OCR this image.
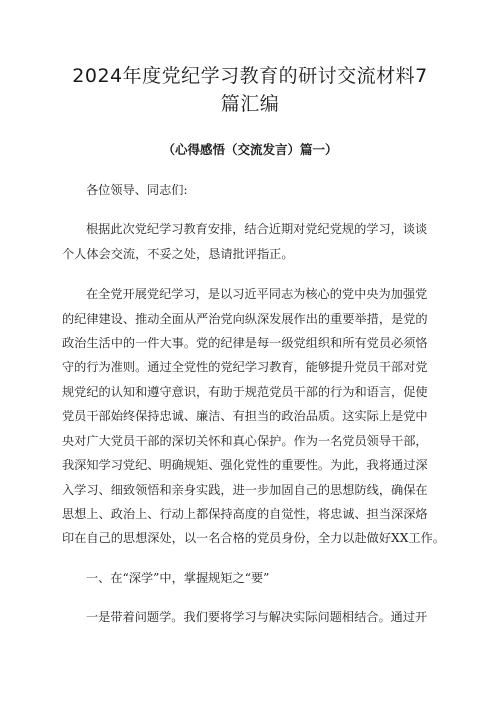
2024年度党纪学习教育的研讨交流材料7
篇汇编
（心得感悟（交流发言）篇一）
各位领导、同志们:
根据此次党纪学习教育安排，结合近期对党纪党规的学习，谈谈
个人体会交流，不妥之处，恳请批评指正。
在全党开展党纪学习，是以习近平同志为核心的党中央为加强党
的纪律建设、推动全面从严治党向纵深发展作出的重要举措，是党的
政治生活中的一件大事。党的纪律是每一级党组织和所有党员必须恪
守的行为准则。通过全党性的党纪学习教育，能够提升党员干部对党
规党纪的认知和遵守意识，有助于规范党员干部的行为和语言，促使
党员干部始终保持忠诚、廉洁、有担当的政治品质。这实际上是党中
央对广大党员干部的深切关怀和真心保护。作为一名党员领导干部，
我深知学习党纪、明确规矩、强化党性的重要性。为此，我将通过深
入学习、细致领悟和亲身实践，进一步加固自己的思想防线，确保在
思想上、政治上、行动上都保持高度的自觉性，将忠诚、担当深深烙
印在自己的思想深处，以一名合格的党员身份，全力以赴做好XX工作。
一、在“深学”中，掌握规矩之“要”
一是带着问题学。我们要将学习与解决实际问题相结合。通过开
